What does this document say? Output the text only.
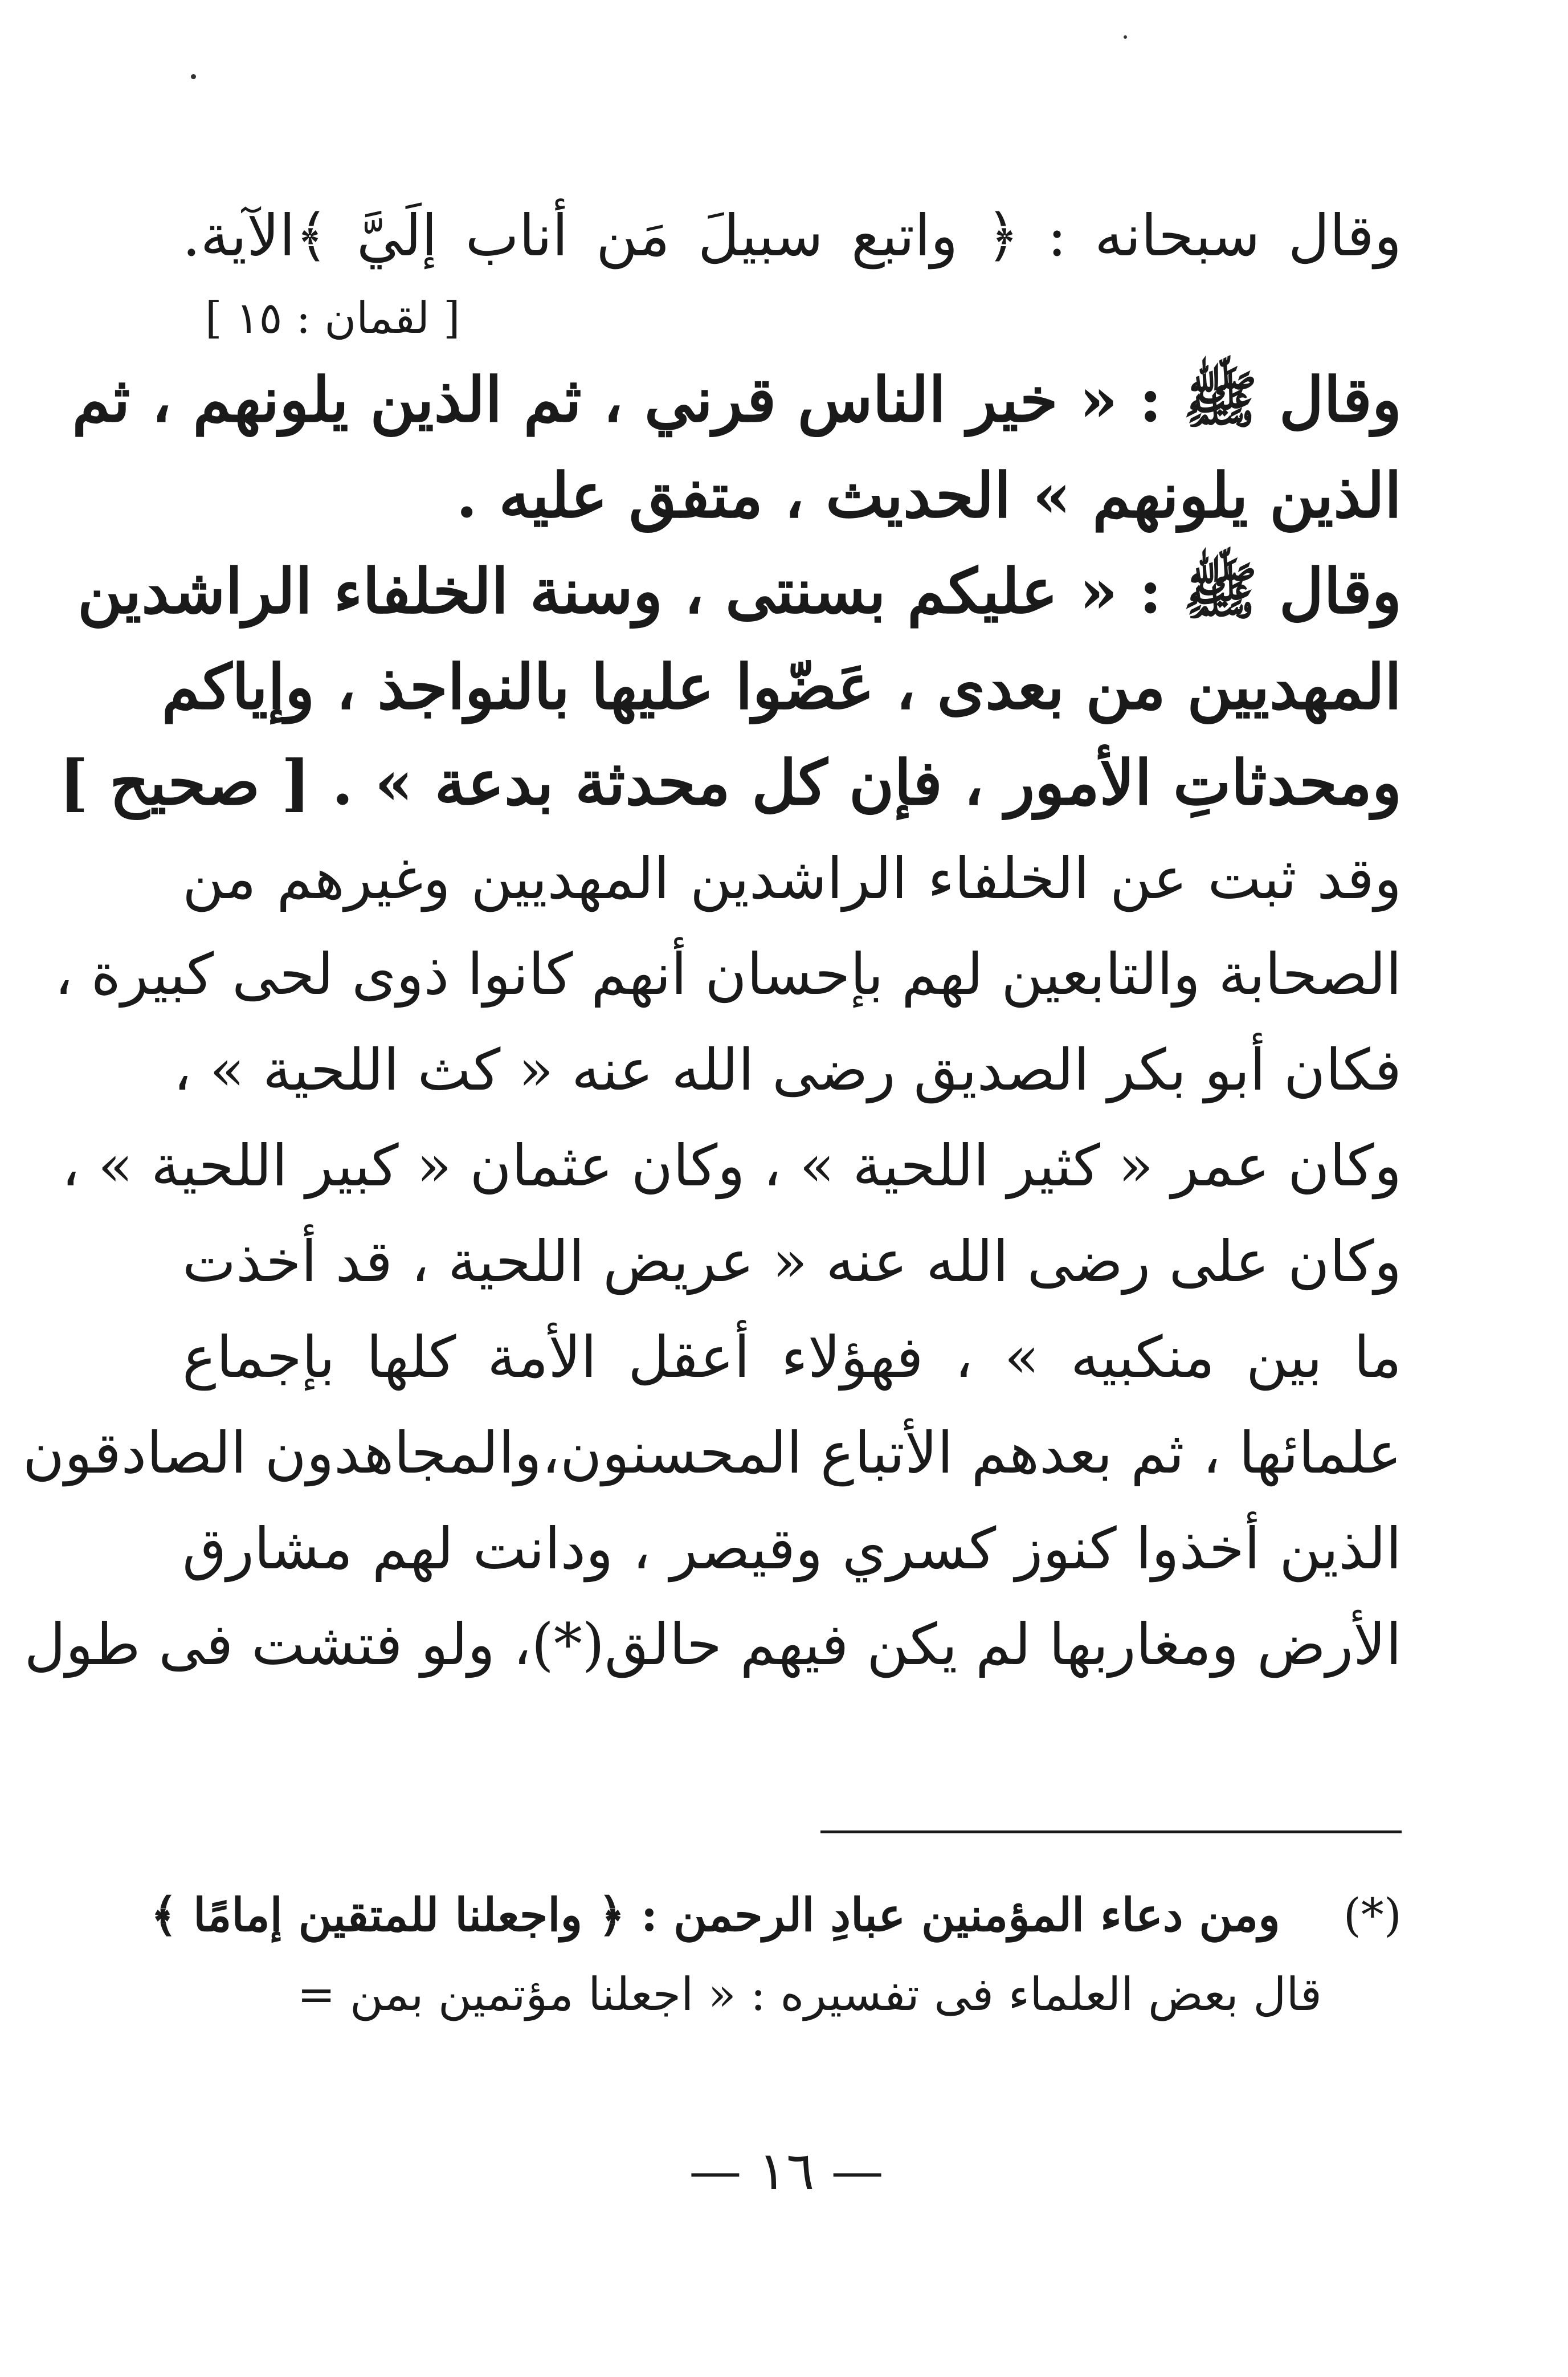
وقال سبحانه : ﴿ واتبع سبيلَ مَن أناب إلَيَّ ﴾الآية.
[ لقمان : ١٥ ]
وقال ﷺ : « خير الناس قرني ، ثم الذين يلونهم ، ثم
الذين يلونهم » الحديث ، متفق عليه .
وقال ﷺ : « عليكم بسنتى ، وسنة الخلفاء الراشدين
المهديين من بعدى ، عَضّوا عليها بالنواجذ ، وإياكم
ومحدثاتِ الأمور ، فإن كل محدثة بدعة » . [ صحيح ]
وقد ثبت عن الخلفاء الراشدين المهديين وغيرهم من
الصحابة والتابعين لهم بإحسان أنهم كانوا ذوى لحى كبيرة ،
فكان أبو بكر الصديق رضى الله عنه « كث اللحية » ،
وكان عمر « كثير اللحية » ، وكان عثمان « كبير اللحية » ،
وكان على رضى الله عنه « عريض اللحية ، قد أخذت
ما بين منكبيه » ، فهؤلاء أعقل الأمة كلها بإجماع
علمائها ، ثم بعدهم الأتباع المحسنون،والمجاهدون الصادقون
الذين أخذوا كنوز كسري وقيصر ، ودانت لهم مشارق
الأرض ومغاربها لم يكن فيهم حالق(*)، ولو فتشت فى طول
(*)  ومن دعاء المؤمنين عبادِ الرحمن : ﴿ واجعلنا للمتقين إمامًا ﴾
قال بعض العلماء فى تفسيره : « اجعلنا مؤتمين بمن =
— ١٦ —
